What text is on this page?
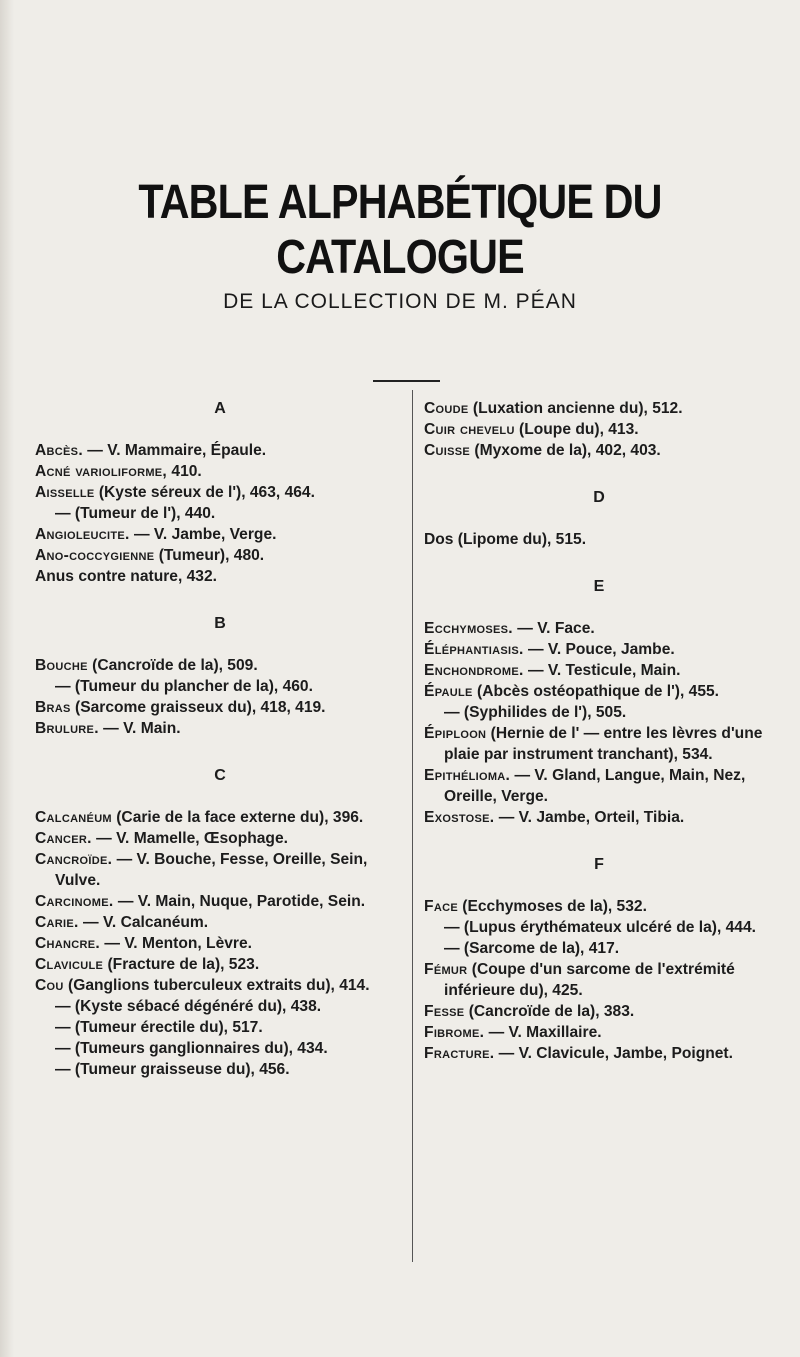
TABLE ALPHABÉTIQUE DU CATALOGUE
DE LA COLLECTION DE M. PÉAN
A

Abcès. — V. Mammaire, Épaule.

Acné varioliforme, 410.

Aisselle (Kyste séreux de l'), 463, 464.

— (Tumeur de l'), 440.

Angioleucite. — V. Jambe, Verge.

Ano-coccygienne (Tumeur), 480.

Anus contre nature, 432.

B

Bouche (Cancroïde de la), 509.

— (Tumeur du plancher de la), 460.

Bras (Sarcome graisseux du), 418, 419.

Brulure. — V. Main.

C

Calcanéum (Carie de la face externe du), 396.

Cancer. — V. Mamelle, Œsophage.

Cancroïde. — V. Bouche, Fesse, Oreille, Sein, Vulve.

Carcinome. — V. Main, Nuque, Parotide, Sein.

Carie. — V. Calcanéum.

Chancre. — V. Menton, Lèvre.

Clavicule (Fracture de la), 523.

Cou (Ganglions tuberculeux extraits du), 414.

— (Kyste sébacé dégénéré du), 438.

— (Tumeur érectile du), 517.

— (Tumeurs ganglionnaires du), 434.

— (Tumeur graisseuse du), 456.

Coude (Luxation ancienne du), 512.

Cuir chevelu (Loupe du), 413.

Cuisse (Myxome de la), 402, 403.

D

Dos (Lipome du), 515.

E

Ecchymoses. — V. Face.

Éléphantiasis. — V. Pouce, Jambe.

Enchondrome. — V. Testicule, Main.

Épaule (Abcès ostéopathique de l'), 455.

— (Syphilides de l'), 505.

Épiploon (Hernie de l' — entre les lèvres d'une plaie par instrument tranchant), 534.

Epithélioma. — V. Gland, Langue, Main, Nez, Oreille, Verge.

Exostose. — V. Jambe, Orteil, Tibia.

F

Face (Ecchymoses de la), 532.

— (Lupus érythémateux ulcéré de la), 444.

— (Sarcome de la), 417.

Fémur (Coupe d'un sarcome de l'extrémité inférieure du), 425.

Fesse (Cancroïde de la), 383.

Fibrome. — V. Maxillaire.

Fracture. — V. Clavicule, Jambe, Poignet.
